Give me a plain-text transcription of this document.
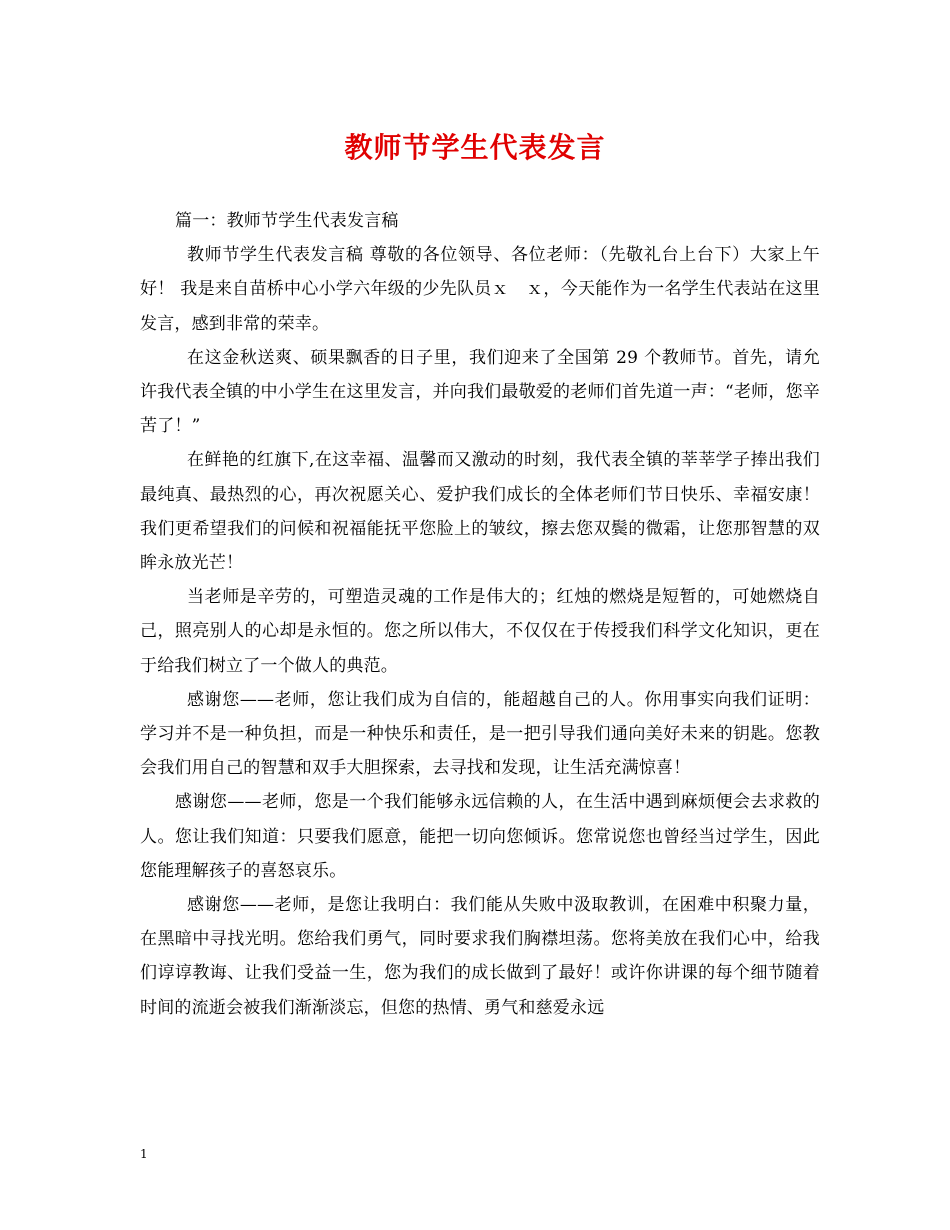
教师节学生代表发言

篇一：教师节学生代表发言稿

教师节学生代表发言稿 尊敬的各位领导、各位老师：（先敬礼台上台下）大家上午好！ 我是来自苗桥中心小学六年级的少先队员ｘ　ｘ，今天能作为一名学生代表站在这里发言，感到非常的荣幸。

在这金秋送爽、硕果飘香的日子里，我们迎来了全国第 29 个教师节。首先，请允许我代表全镇的中小学生在这里发言，并向我们最敬爱的老师们首先道一声：“老师，您辛苦了！”

在鲜艳的红旗下,在这幸福、温馨而又激动的时刻，我代表全镇的莘莘学子捧出我们最纯真、最热烈的心，再次祝愿关心、爱护我们成长的全体老师们节日快乐、幸福安康！我们更希望我们的问候和祝福能抚平您脸上的皱纹，擦去您双鬓的微霜，让您那智慧的双眸永放光芒！

当老师是辛劳的，可塑造灵魂的工作是伟大的；红烛的燃烧是短暂的，可她燃烧自己，照亮别人的心却是永恒的。您之所以伟大，不仅仅在于传授我们科学文化知识，更在于给我们树立了一个做人的典范。

感谢您——老师，您让我们成为自信的，能超越自己的人。你用事实向我们证明：学习并不是一种负担，而是一种快乐和责任，是一把引导我们通向美好未来的钥匙。您教会我们用自己的智慧和双手大胆探索，去寻找和发现，让生活充满惊喜！

感谢您——老师，您是一个我们能够永远信赖的人，在生活中遇到麻烦便会去求救的人。您让我们知道：只要我们愿意，能把一切向您倾诉。您常说您也曾经当过学生，因此您能理解孩子的喜怒哀乐。

感谢您——老师，是您让我明白：我们能从失败中汲取教训，在困难中积聚力量，在黑暗中寻找光明。您给我们勇气，同时要求我们胸襟坦荡。您将美放在我们心中，给我们谆谆教诲、让我们受益一生，您为我们的成长做到了最好！或许你讲课的每个细节随着时间的流逝会被我们渐渐淡忘，但您的热情、勇气和慈爱永远

1
